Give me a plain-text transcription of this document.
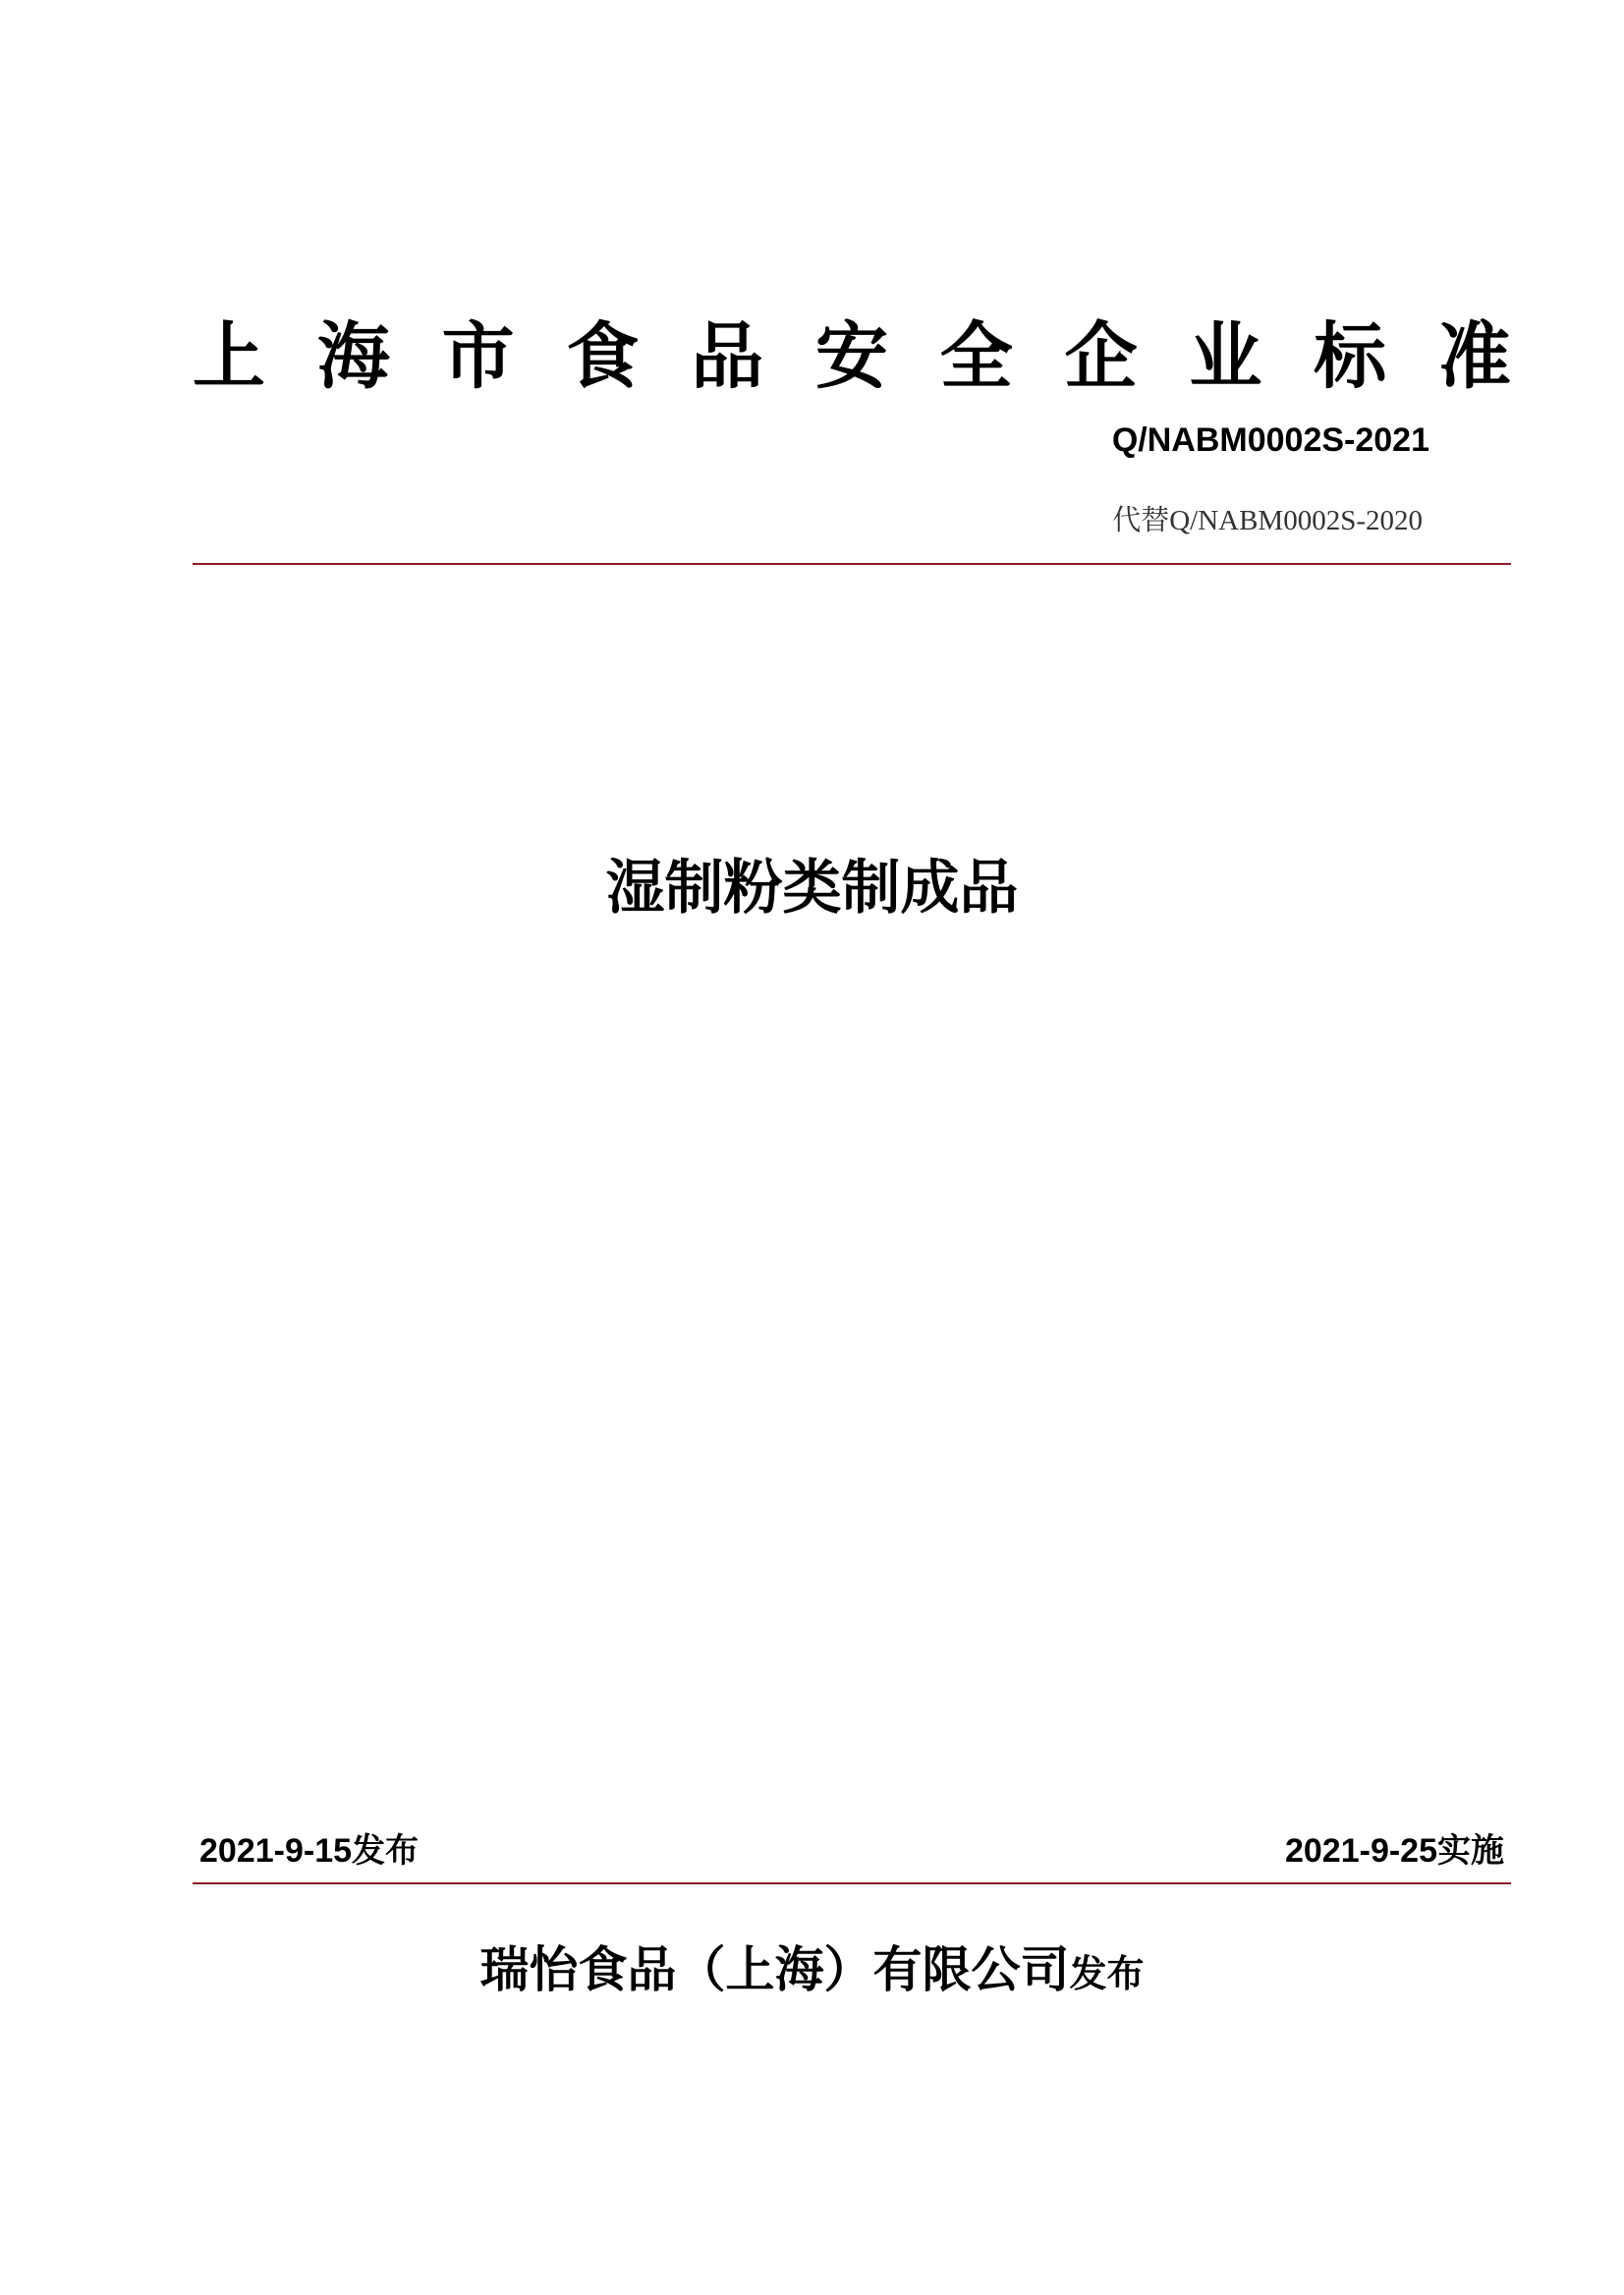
上 海 市 食 品 安 全 企 业 标 准
Q/NABM0002S-2021
代替Q/NABM0002S-2020
湿制粉类制成品
2021-9-15发布	2021-9-25实施
瑞怡食品（上海）有限公司发布
